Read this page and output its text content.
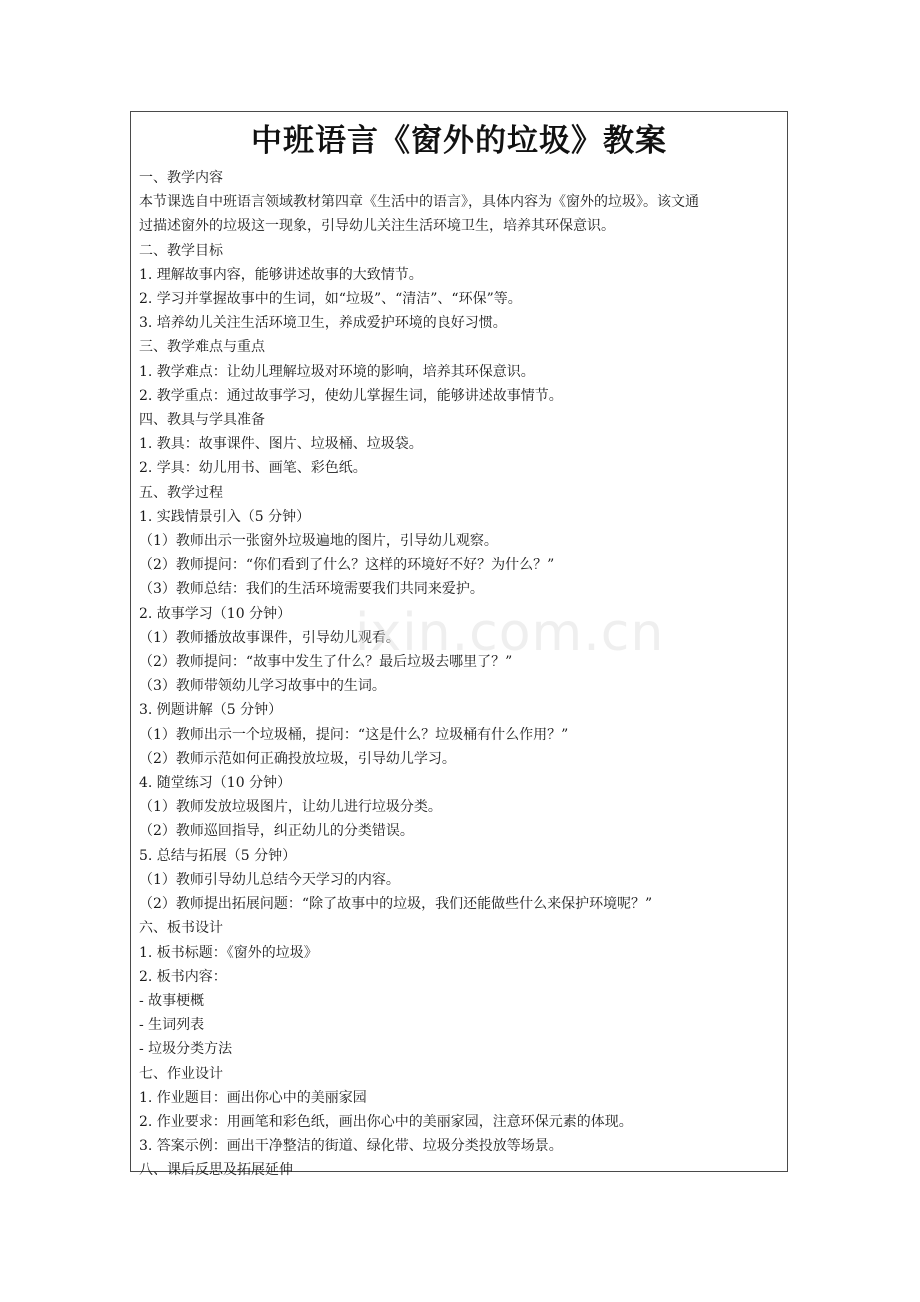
中班语言《窗外的垃圾》教案
一、教学内容
本节课选自中班语言领域教材第四章《生活中的语言》，具体内容为《窗外的垃圾》。该文通
过描述窗外的垃圾这一现象，引导幼儿关注生活环境卫生，培养其环保意识。
二、教学目标
1. 理解故事内容，能够讲述故事的大致情节。
2. 学习并掌握故事中的生词，如“垃圾”、“清洁”、“环保”等。
3. 培养幼儿关注生活环境卫生，养成爱护环境的良好习惯。
三、教学难点与重点
1. 教学难点：让幼儿理解垃圾对环境的影响，培养其环保意识。
2. 教学重点：通过故事学习，使幼儿掌握生词，能够讲述故事情节。
四、教具与学具准备
1. 教具：故事课件、图片、垃圾桶、垃圾袋。
2. 学具：幼儿用书、画笔、彩色纸。
五、教学过程
1. 实践情景引入（5 分钟）
（1）教师出示一张窗外垃圾遍地的图片，引导幼儿观察。
（2）教师提问：“你们看到了什么？这样的环境好不好？为什么？”
（3）教师总结：我们的生活环境需要我们共同来爱护。
2. 故事学习（10 分钟）
（1）教师播放故事课件，引导幼儿观看。
（2）教师提问：“故事中发生了什么？最后垃圾去哪里了？”
（3）教师带领幼儿学习故事中的生词。
3. 例题讲解（5 分钟）
（1）教师出示一个垃圾桶，提问：“这是什么？垃圾桶有什么作用？”
（2）教师示范如何正确投放垃圾，引导幼儿学习。
4. 随堂练习（10 分钟）
（1）教师发放垃圾图片，让幼儿进行垃圾分类。
（2）教师巡回指导，纠正幼儿的分类错误。
5. 总结与拓展（5 分钟）
（1）教师引导幼儿总结今天学习的内容。
（2）教师提出拓展问题：“除了故事中的垃圾，我们还能做些什么来保护环境呢？”
六、板书设计
1. 板书标题：《窗外的垃圾》
2. 板书内容：
- 故事梗概
- 生词列表
- 垃圾分类方法
七、作业设计
1. 作业题目：画出你心中的美丽家园
2. 作业要求：用画笔和彩色纸，画出你心中的美丽家园，注意环保元素的体现。
3. 答案示例：画出干净整洁的街道、绿化带、垃圾分类投放等场景。
八、课后反思及拓展延伸
ixin.com.cn
